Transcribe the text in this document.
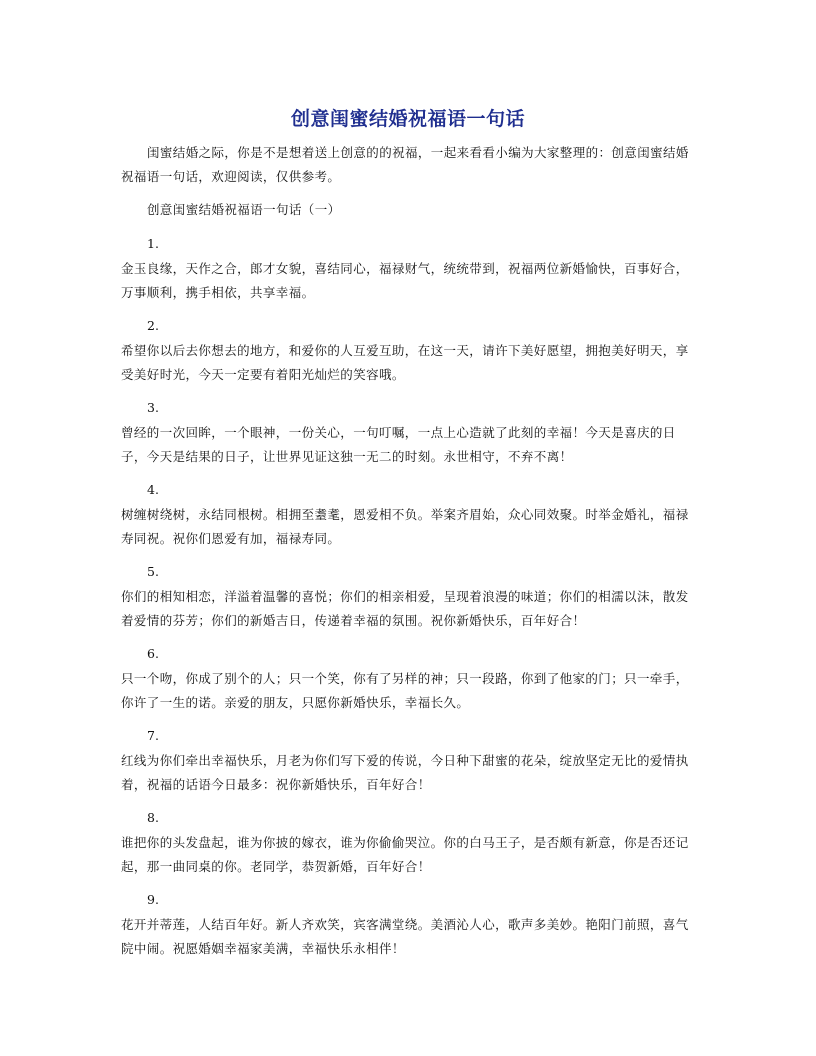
创意闺蜜结婚祝福语一句话

闺蜜结婚之际，你是不是想着送上创意的的祝福，一起来看看小编为大家整理的：创意闺蜜结婚祝福语一句话，欢迎阅读，仅供参考。

创意闺蜜结婚祝福语一句话（一）

1.
金玉良缘，天作之合，郎才女貌，喜结同心，福禄财气，统统带到，祝福两位新婚愉快，百事好合，万事顺利，携手相依，共享幸福。
2.
希望你以后去你想去的地方，和爱你的人互爱互助，在这一天，请许下美好愿望，拥抱美好明天，享受美好时光，今天一定要有着阳光灿烂的笑容哦。
3.
曾经的一次回眸，一个眼神，一份关心，一句叮嘱，一点上心造就了此刻的幸福！今天是喜庆的日子，今天是结果的日子，让世界见证这独一无二的时刻。永世相守，不弃不离！
4.
树缠树绕树，永结同根树。相拥至耋耄，恩爱相不负。举案齐眉始，众心同效聚。时举金婚礼，福禄寿同祝。祝你们恩爱有加，福禄寿同。
5.
你们的相知相恋，洋溢着温馨的喜悦；你们的相亲相爱，呈现着浪漫的味道；你们的相濡以沫，散发着爱情的芬芳；你们的新婚吉日，传递着幸福的氛围。祝你新婚快乐，百年好合！
6.
只一个吻，你成了别个的人；只一个笑，你有了另样的神；只一段路，你到了他家的门；只一牵手，你许了一生的诺。亲爱的朋友，只愿你新婚快乐，幸福长久。
7.
红线为你们牵出幸福快乐，月老为你们写下爱的传说，今日种下甜蜜的花朵，绽放坚定无比的爱情执着，祝福的话语今日最多：祝你新婚快乐，百年好合！
8.
谁把你的头发盘起，谁为你披的嫁衣，谁为你偷偷哭泣。你的白马王子，是否颇有新意，你是否还记起，那一曲同桌的你。老同学，恭贺新婚，百年好合！
9.
花开并蒂莲，人结百年好。新人齐欢笑，宾客满堂绕。美酒沁人心，歌声多美妙。艳阳门前照，喜气院中闹。祝愿婚姻幸福家美满，幸福快乐永相伴！
